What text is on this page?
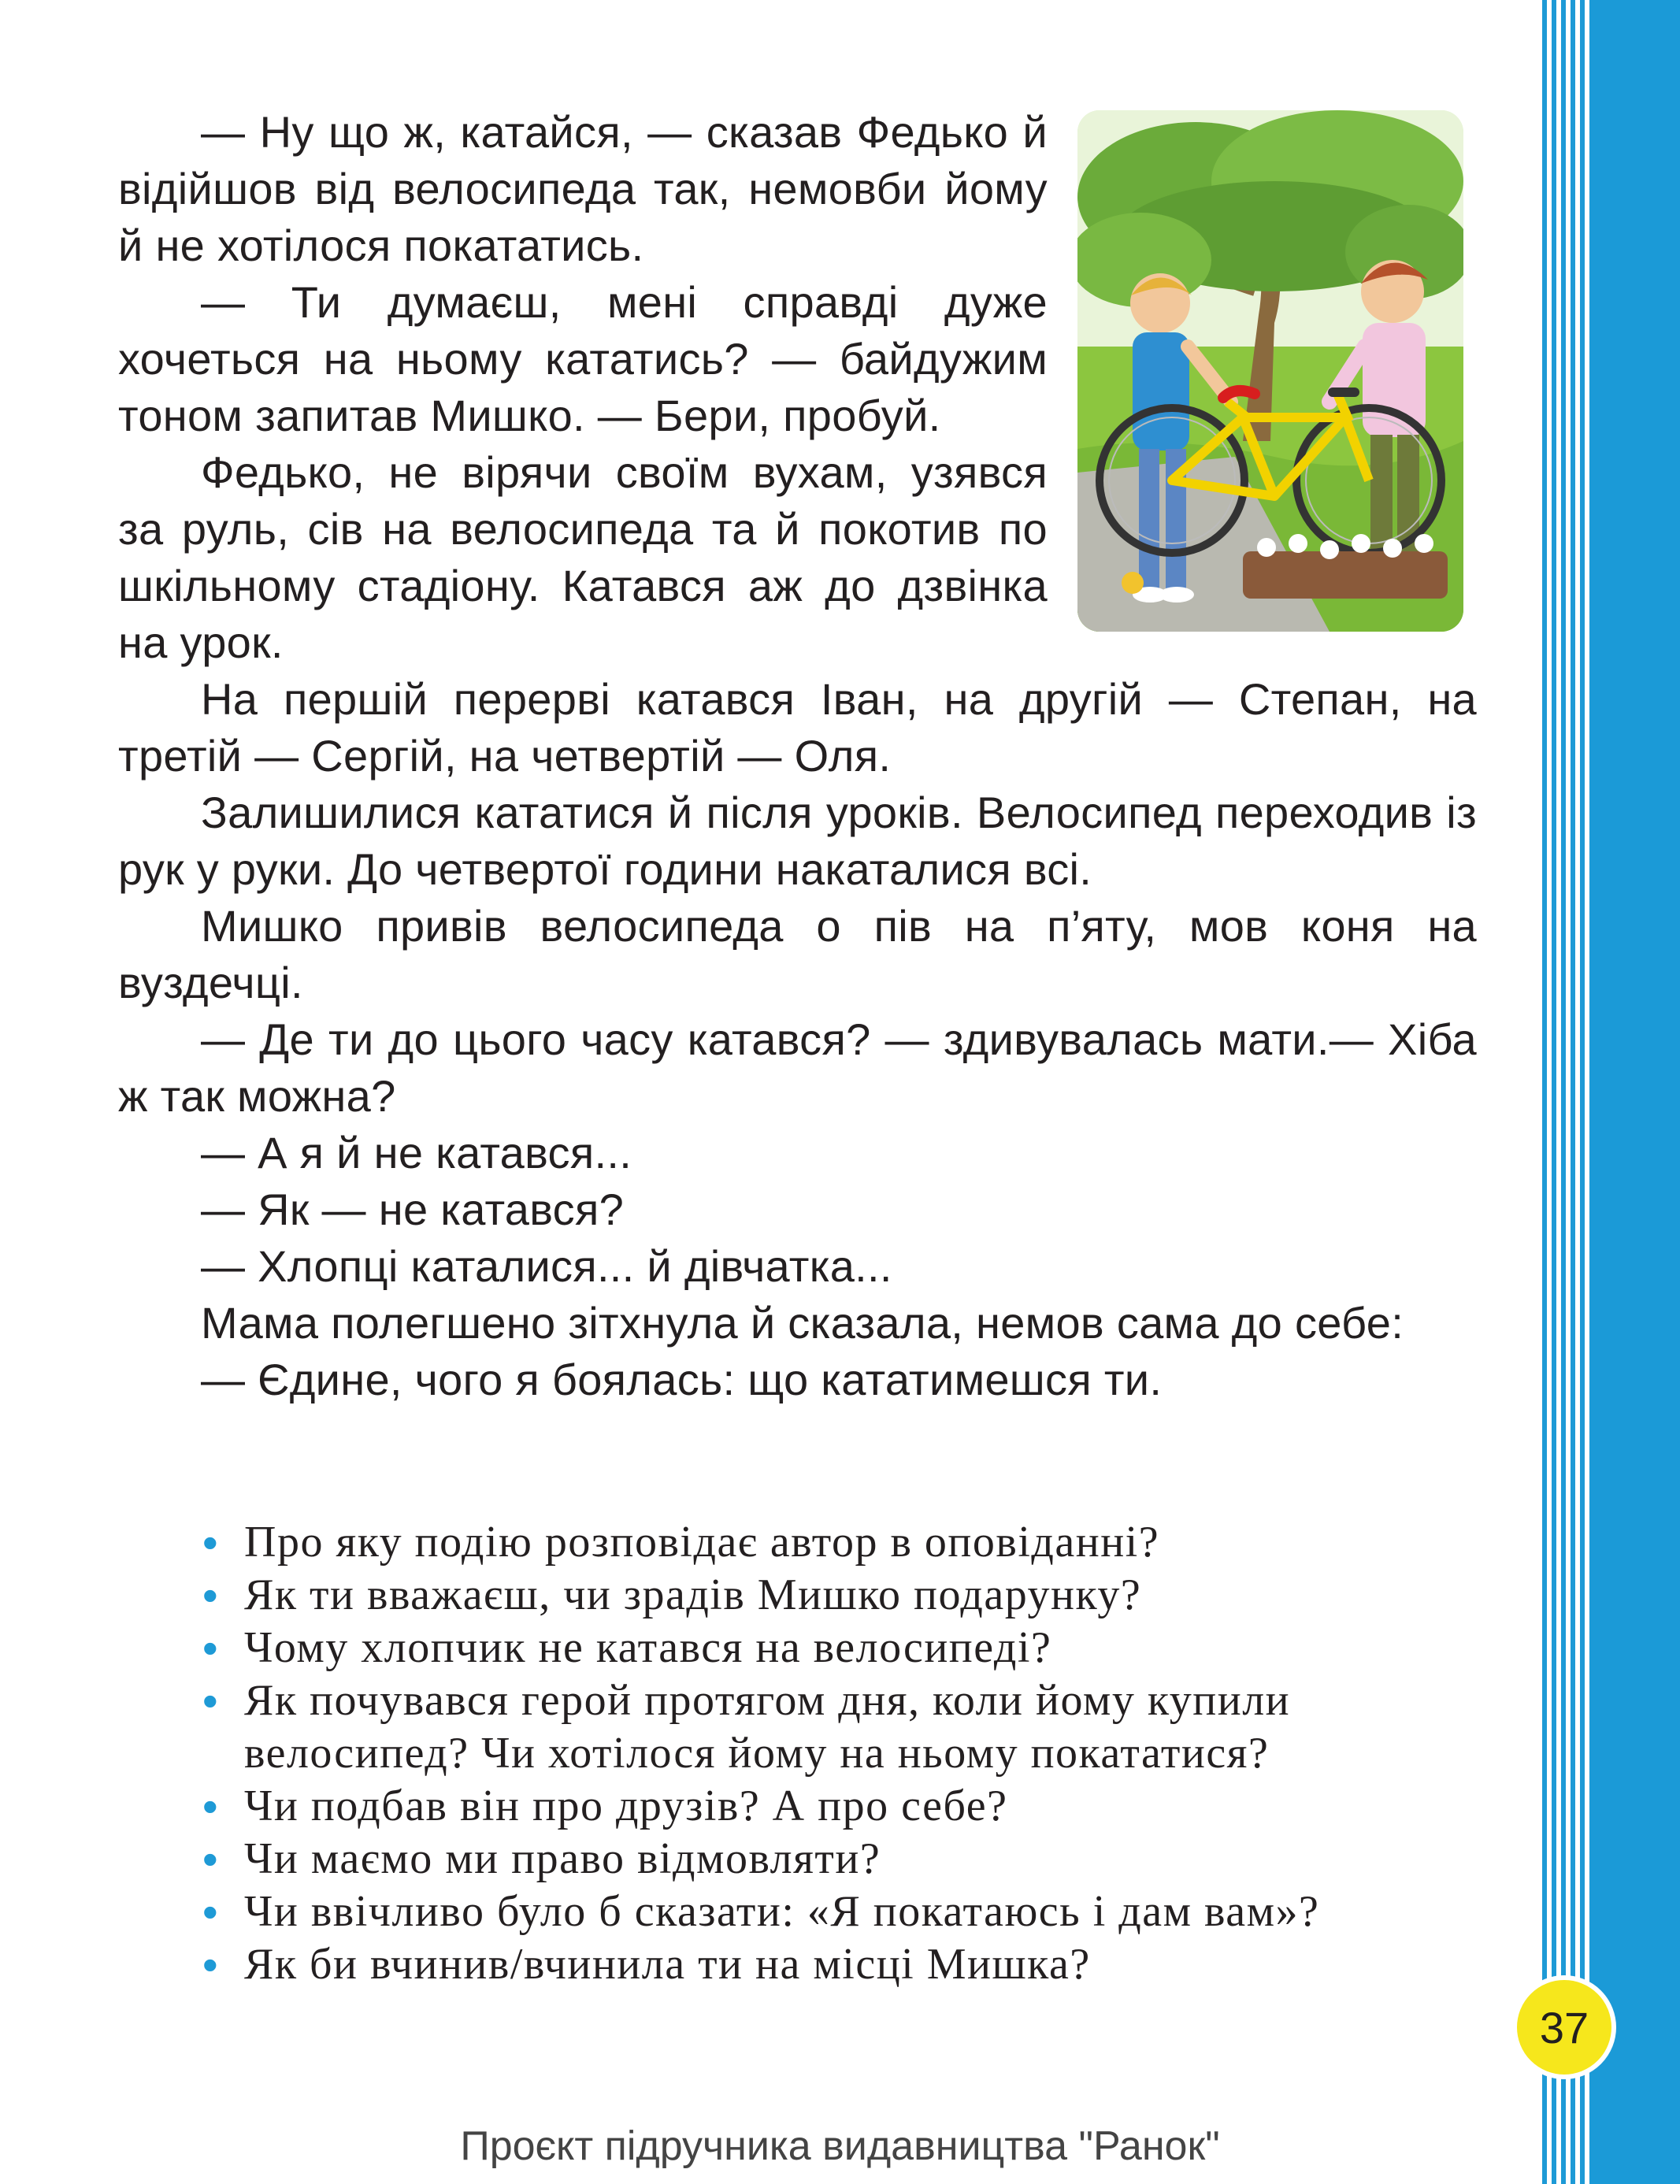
— Ну що ж, катайся, — сказав Федько й відійшов від велосипеда так, немовби йому й не хотілося покататись.

— Ти думаєш, мені справді дуже хочеться на ньому кататись? — байдужим тоном запитав Мишко. — Бери, пробуй.

Федько, не вірячи своїм вухам, узявся за руль, сів на велосипеда та й покотив по шкільному стадіону. Катався аж до дзвінка на урок.

На першій перерві катався Іван, на другій — Степан, на третій — Сергій, на четвертій — Оля.

Залишилися кататися й після уроків. Велосипед переходив із рук у руки. До четвертої години накаталися всі.

Мишко привів велосипеда о пів на п’яту, мов коня на вуздечці.

— Де ти до цього часу катався? — здивувалась мати.— Хіба ж так можна?

— А я й не катався...

— Як — не катався?

— Хлопці каталися... й дівчатка...

Мама полегшено зітхнула й сказала, немов сама до себе:

— Єдине, чого я боялась: що кататимешся ти.

• Про яку подію розповідає автор в оповіданні?
• Як ти вважаєш, чи зрадів Мишко подарунку?
• Чому хлопчик не катався на велосипеді?
• Як почувався герой протягом дня, коли йому купили велосипед? Чи хотілося йому на ньому покататися?
• Чи подбав він про друзів? А про себе?
• Чи маємо ми право відмовляти?
• Чи ввічливо було б сказати: «Я покатаюсь і дам вам»?
• Як би вчинив/вчинила ти на місці Мишка?
37
Проєкт підручника видавництва "Ранок"
